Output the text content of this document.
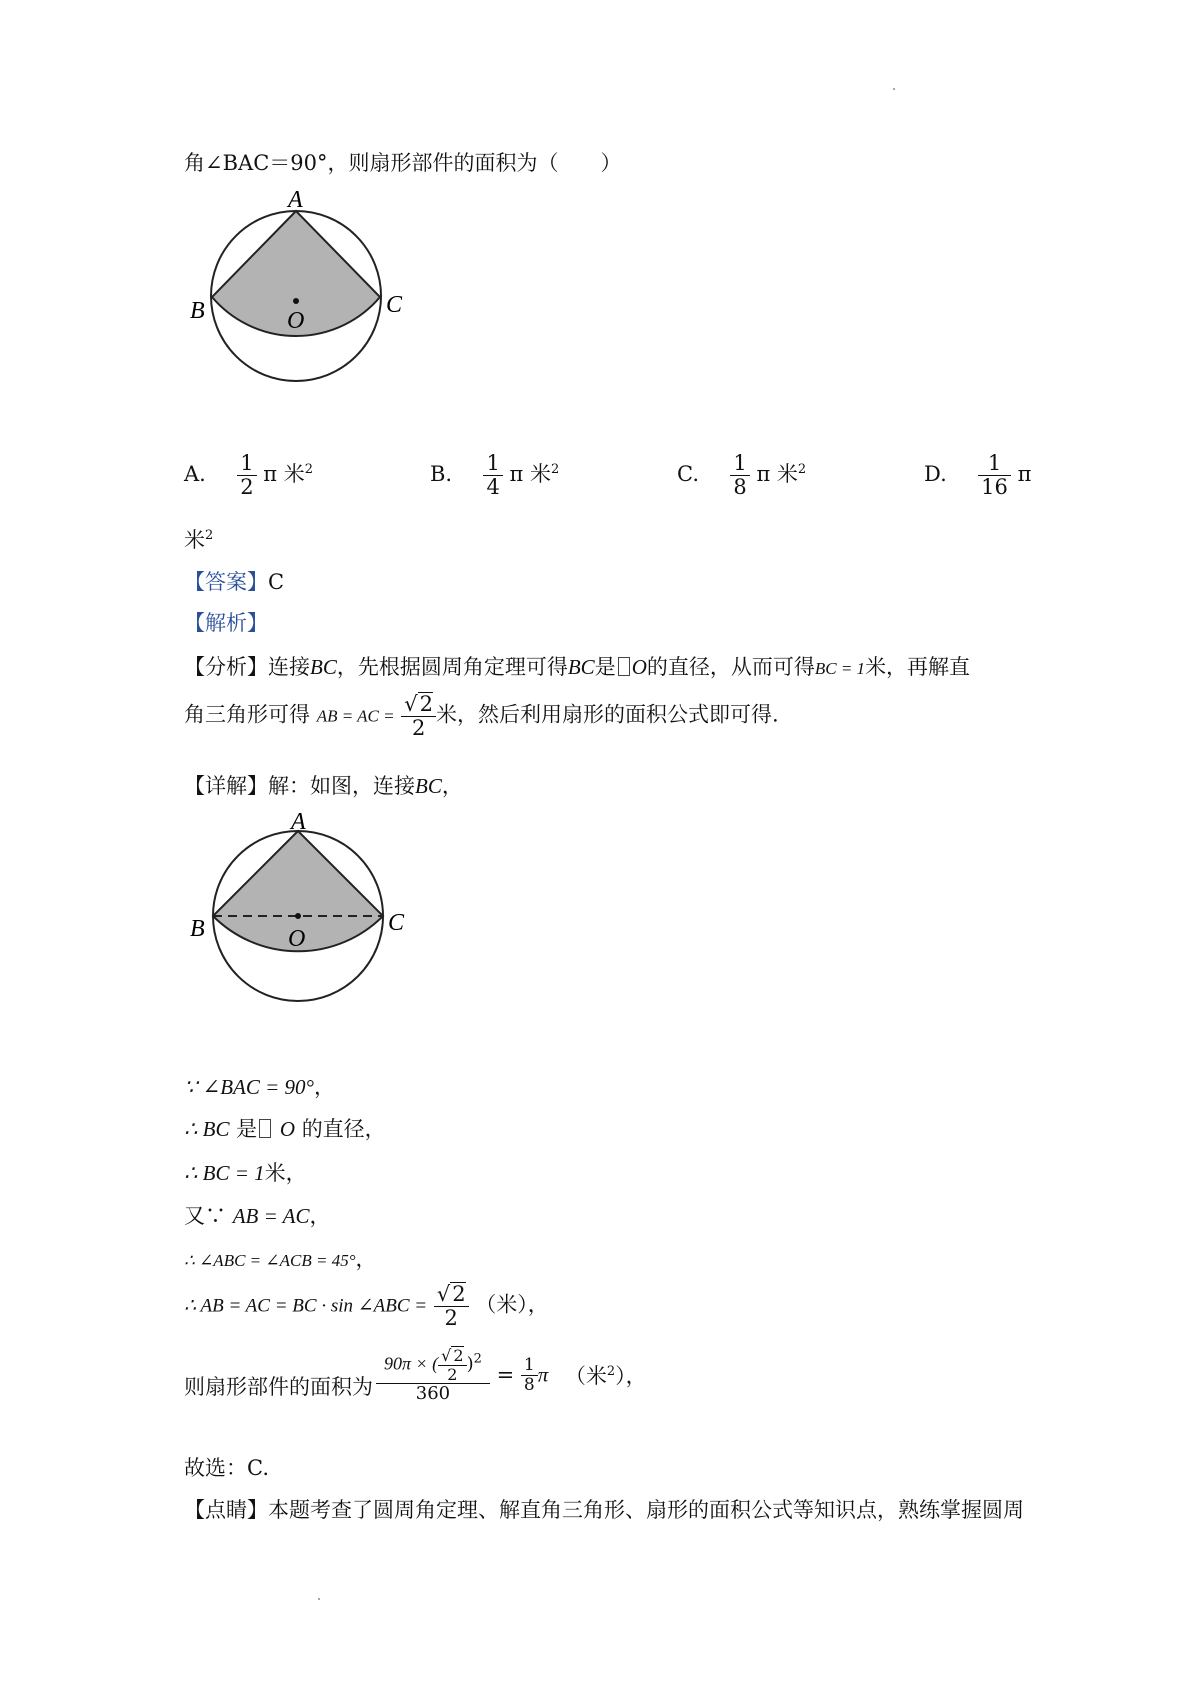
角∠BAC＝90°，则扇形部件的面积为（　　）
A
B	C
O
A. $\frac{1}{2}$ π 米$^2$	B. $\frac{1}{4}$ π 米$^2$	C. $\frac{1}{8}$ π 米$^2$	D. $\frac{1}{16}$ π
米$^2$
【答案】C
【解析】
【分析】连接BC，先根据圆周角定理可得BC是 O的直径，从而可得BC = 1米，再解直
角三角形可得 AB = AC = $\frac{√2}{2}$ 米，然后利用扇形的面积公式即可得.
【详解】解：如图，连接BC，
A
B	C
O
∵ ∠BAC = 90°，
∴ BC 是 O 的直径，
∴ BC = 1米，
又∵ AB = AC，
∴ ∠ABC = ∠ACB = 45°，
∴ AB = AC = BC · sin ∠ABC = $\frac{√2}{2}$ （米），
则扇形部件的面积为 $\frac{90\pi \times ( \frac{√ 2}{2} )^2}{360} = \frac{1}{8}$ π （米$^2$），
故选：C.
【点睛】本题考查了圆周角定理、解直角三角形、扇形的面积公式等知识点，熟练掌握圆周
